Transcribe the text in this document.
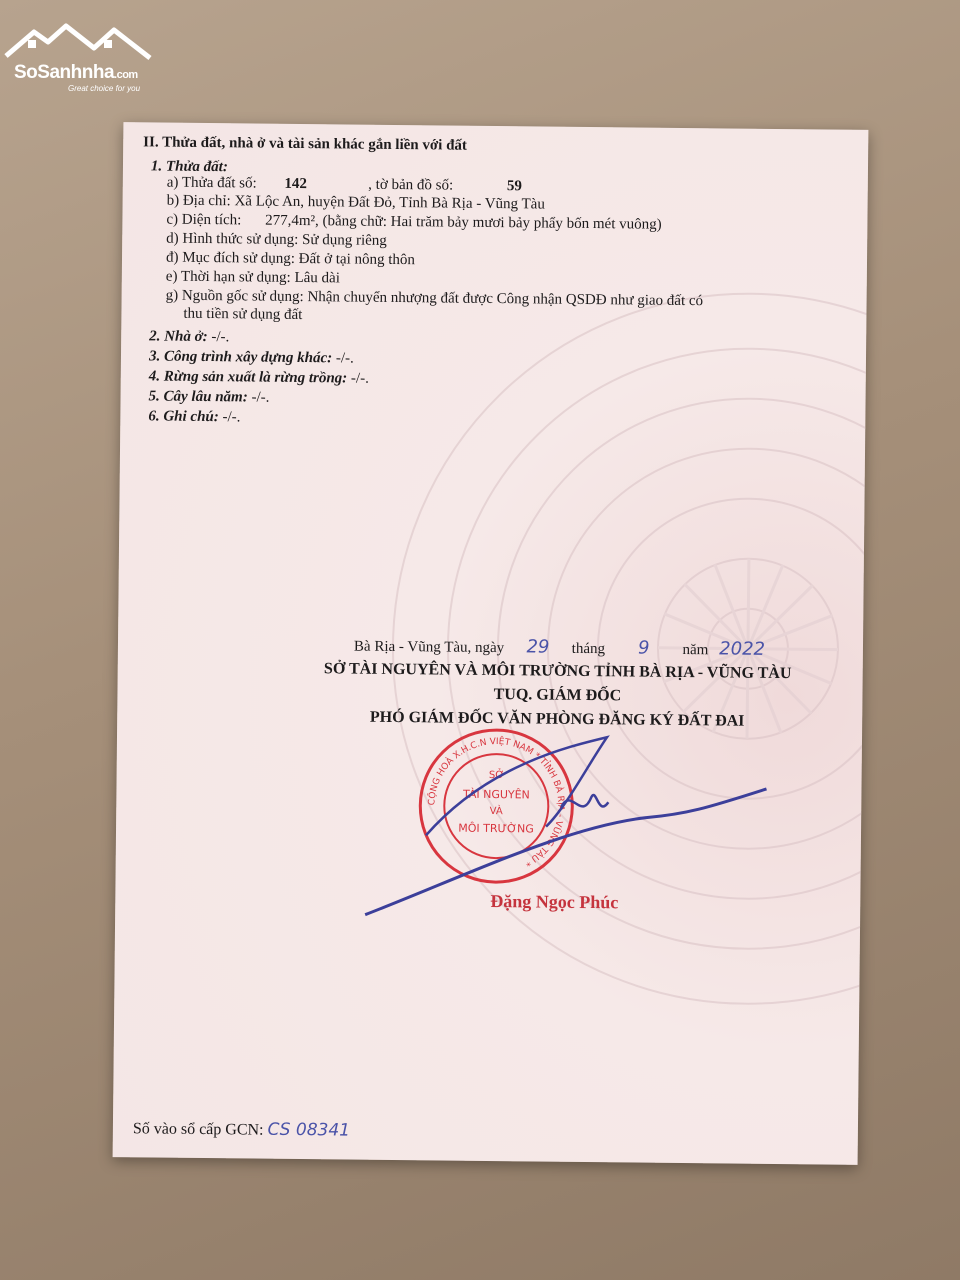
SoSanhnha.com
Great choice for you
II. Thửa đất, nhà ở và tài sản khác gắn liền với đất
1. Thửa đất:
a) Thửa đất số: 142	, tờ bản đồ số:	59
b) Địa chỉ: Xã Lộc An, huyện Đất Đỏ, Tỉnh Bà Rịa - Vũng Tàu
c) Diện tích: 277,4m², (bằng chữ: Hai trăm bảy mươi bảy phẩy bốn mét vuông)
d) Hình thức sử dụng: Sử dụng riêng
đ) Mục đích sử dụng: Đất ở tại nông thôn
e) Thời hạn sử dụng: Lâu dài
g) Nguồn gốc sử dụng: Nhận chuyển nhượng đất được Công nhận QSDĐ như giao đất có
thu tiền sử dụng đất
2. Nhà ở: -/-.
3. Công trình xây dựng khác: -/-.
4. Rừng sản xuất là rừng trồng: -/-.
5. Cây lâu năm: -/-.
6. Ghi chú: -/-.
Bà Rịa - Vũng Tàu, ngày 29 tháng 9 năm 2022
SỞ TÀI NGUYÊN VÀ MÔI TRƯỜNG TỈNH BÀ RỊA - VŨNG TÀU
TUQ. GIÁM ĐỐC
PHÓ GIÁM ĐỐC VĂN PHÒNG ĐĂNG KÝ ĐẤT ĐAI
CỘNG HOÀ X.H.C.N VIỆT NAM * TỈNH BÀ RỊA - VŨNG TÀU *
SỞ
TÀI NGUYÊN
VÀ
MÔI TRƯỜNG
Đặng Ngọc Phúc
Số vào sổ cấp GCN: CS 08341
